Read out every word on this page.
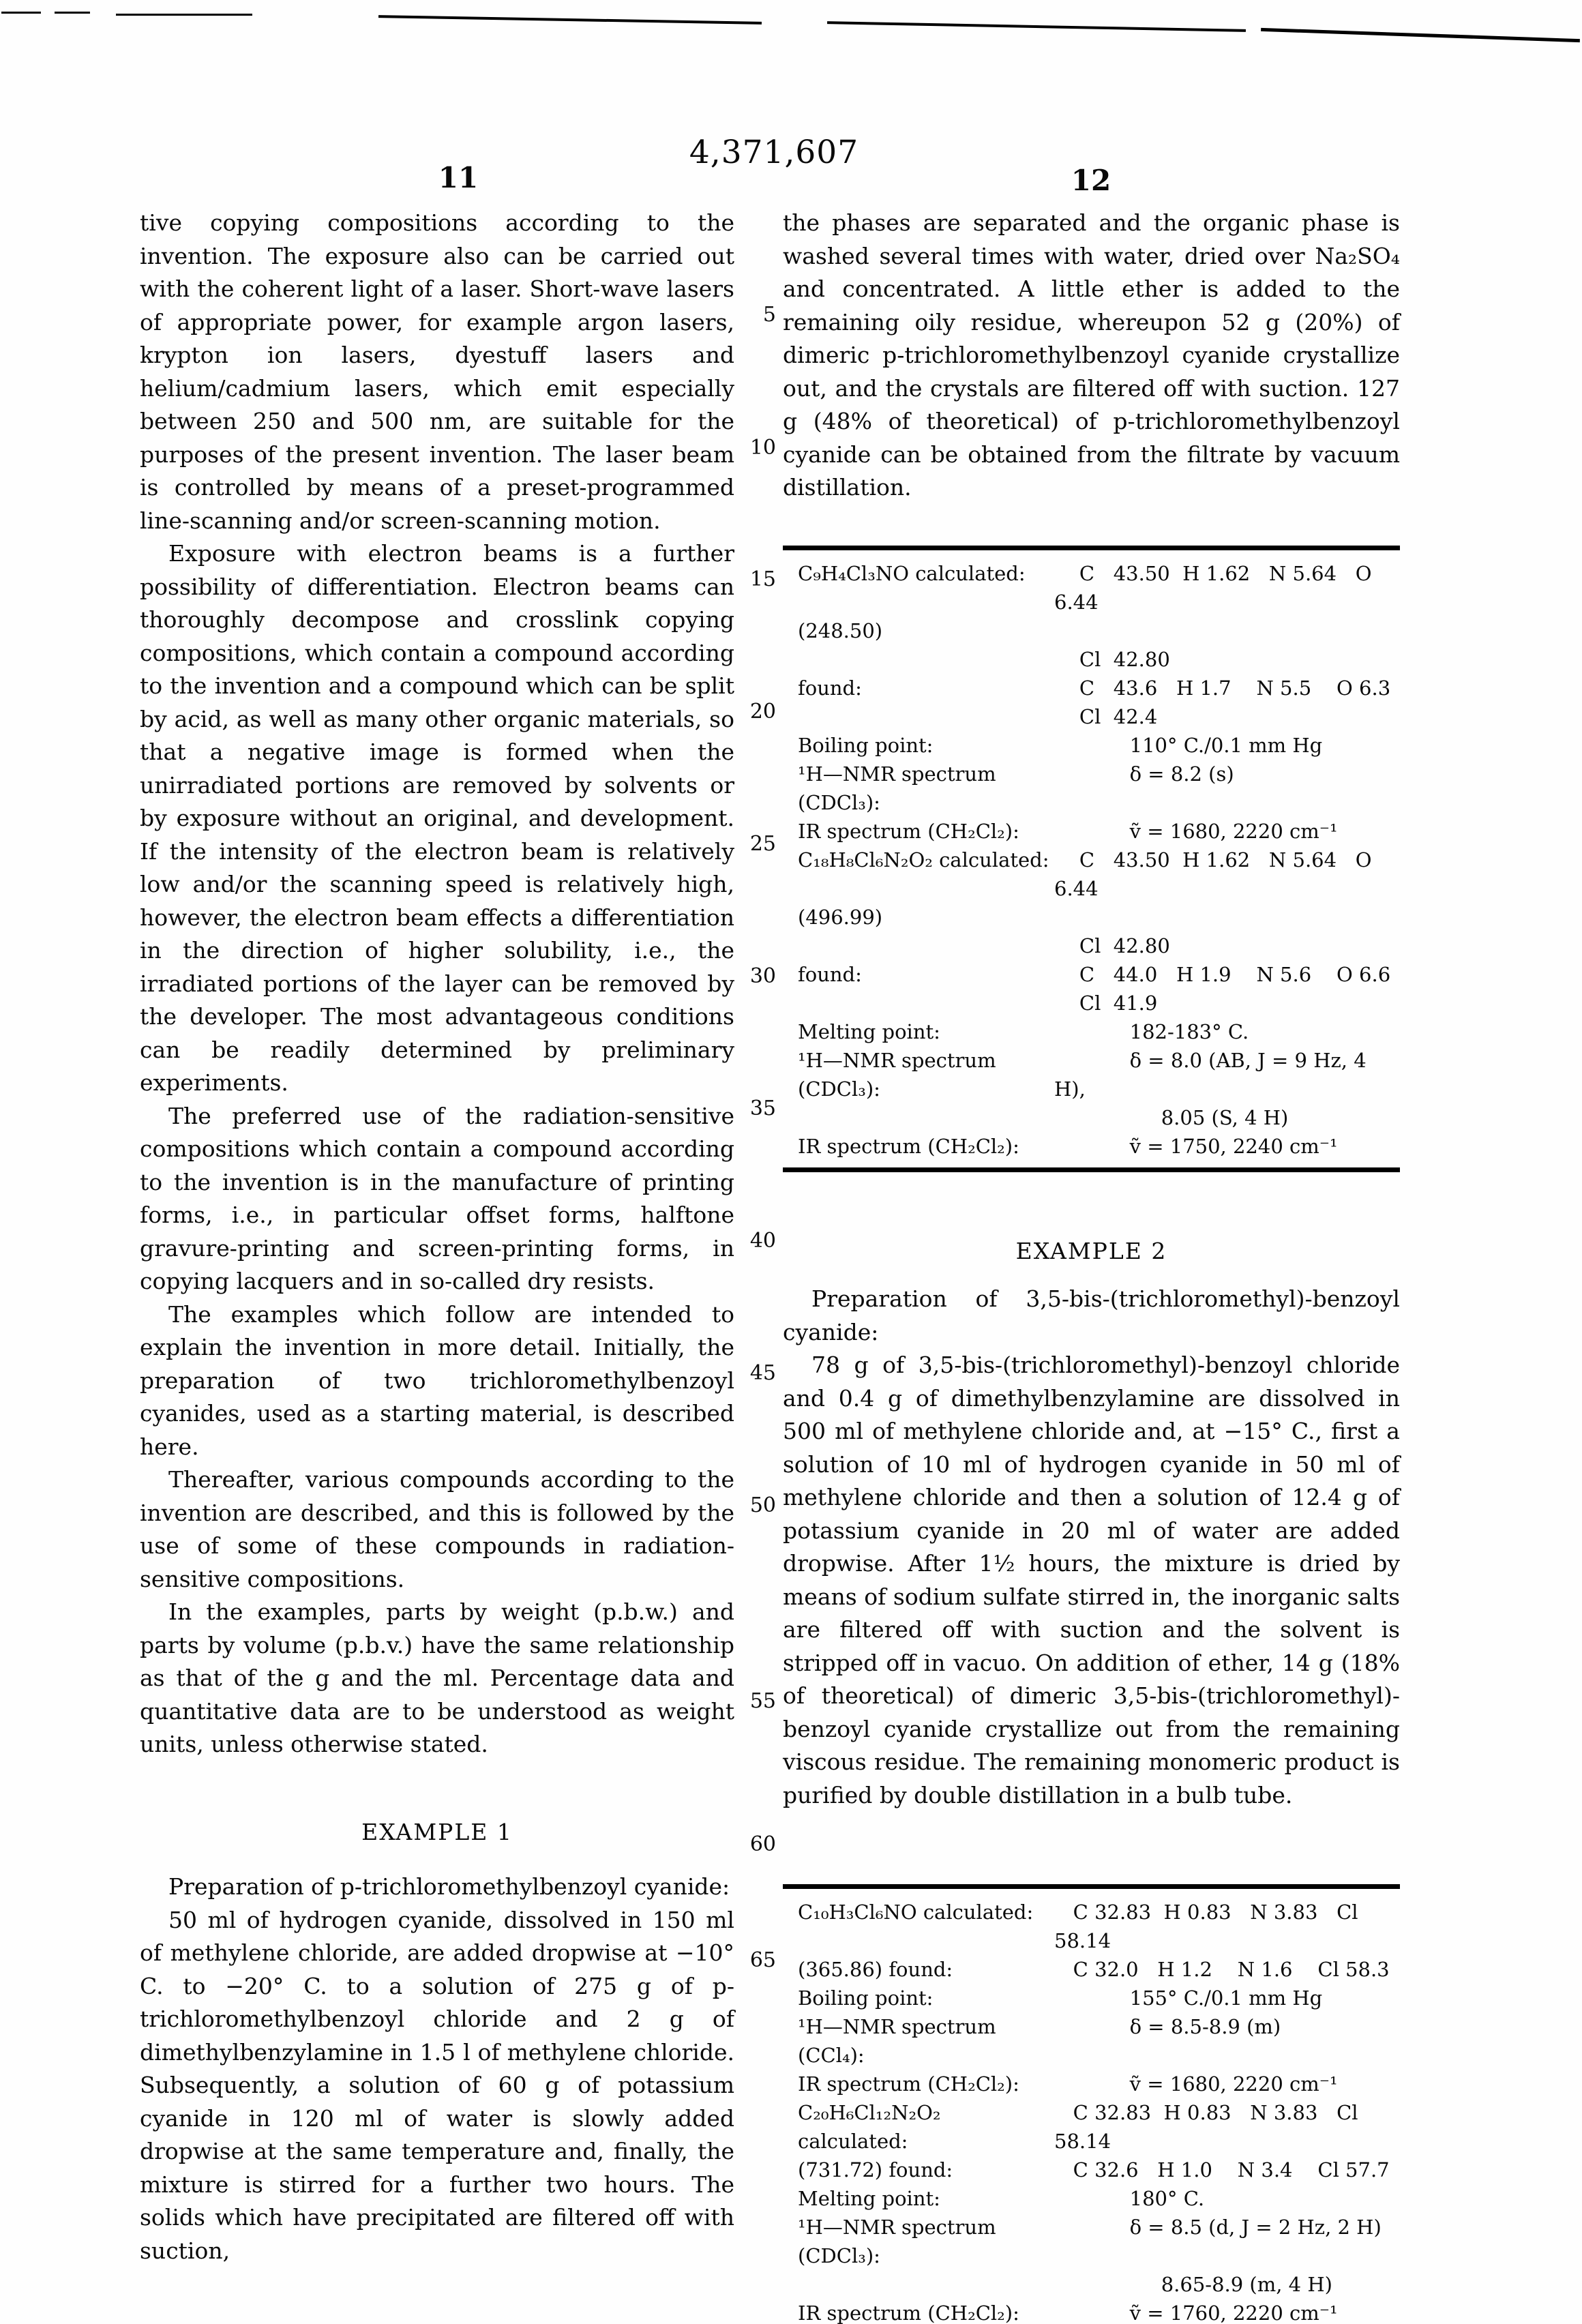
4,371,607
11	12
5
10
15
20
25
30
35
40
45
50
55
60
65

tive copying compositions according to the invention. The exposure also can be carried out with the coherent light of a laser. Short-wave lasers of appropriate power, for example argon lasers, krypton ion lasers, dyestuff lasers and helium/cadmium lasers, which emit especially between 250 and 500 nm, are suitable for the purposes of the present invention. The laser beam is controlled by means of a preset-programmed line-scanning and/or screen-scanning motion.

Exposure with electron beams is a further possibility of differentiation. Electron beams can thoroughly decompose and crosslink copying compositions, which contain a compound according to the invention and a compound which can be split by acid, as well as many other organic materials, so that a negative image is formed when the unirradiated portions are removed by solvents or by exposure without an original, and development. If the intensity of the electron beam is relatively low and/or the scanning speed is relatively high, however, the electron beam effects a differentiation in the direction of higher solubility, i.e., the irradiated portions of the layer can be removed by the developer. The most advantageous conditions can be readily determined by preliminary experiments.

The preferred use of the radiation-sensitive compositions which contain a compound according to the invention is in the manufacture of printing forms, i.e., in particular offset forms, halftone gravure-printing and screen-printing forms, in copying lacquers and in so-called dry resists.

The examples which follow are intended to explain the invention in more detail. Initially, the preparation of two trichloromethylbenzoyl cyanides, used as a starting material, is described here.

Thereafter, various compounds according to the invention are described, and this is followed by the use of some of these compounds in radiation-sensitive compositions.

In the examples, parts by weight (p.b.w.) and parts by volume (p.b.v.) have the same relationship as that of the g and the ml. Percentage data and quantitative data are to be understood as weight units, unless otherwise stated.

EXAMPLE 1

Preparation of p-trichloromethylbenzoyl cyanide:

50 ml of hydrogen cyanide, dissolved in 150 ml of methylene chloride, are added dropwise at −10° C. to −20° C. to a solution of 275 g of p-trichloromethylbenzoyl chloride and 2 g of dimethylbenzylamine in 1.5 l of methylene chloride. Subsequently, a solution of 60 g of potassium cyanide in 120 ml of water is slowly added dropwise at the same temperature and, finally, the mixture is stirred for a further two hours. The solids which have precipitated are filtered off with suction,

the phases are separated and the organic phase is washed several times with water, dried over Na₂SO₄ and concentrated. A little ether is added to the remaining oily residue, whereupon 52 g (20%) of dimeric p-trichloromethylbenzoyl cyanide crystallize out, and the crystals are filtered off with suction. 127 g (48% of theoretical) of p-trichloromethylbenzoyl cyanide can be obtained from the filtrate by vacuum distillation.

C₉H₄Cl₃NO calculated:	C   43.50  H 1.62   N 5.64   O 6.44
(248.50)
Cl  42.80
found:	C   43.6   H 1.7    N 5.5    O 6.3
Cl  42.4
Boiling point:	110° C./0.1 mm Hg
¹H—NMR spectrum (CDCl₃):
δ = 8.2 (s)
IR spectrum (CH₂Cl₂):	ṽ = 1680, 2220 cm⁻¹
C₁₈H₈Cl₆N₂O₂ calculated: C   43.50  H 1.62   N 5.64   O 6.44
(496.99)
Cl  42.80
found:	C   44.0   H 1.9    N 5.6    O 6.6
Cl  41.9
Melting point:	182-183° C.
¹H—NMR spectrum (CDCl₃):
δ = 8.0 (AB, J = 9 Hz, 4 H),
8.05 (S, 4 H)
IR spectrum (CH₂Cl₂):	ṽ = 1750, 2240 cm⁻¹

EXAMPLE 2

Preparation of 3,5-bis-(trichloromethyl)-benzoyl cyanide:

78 g of 3,5-bis-(trichloromethyl)-benzoyl chloride and 0.4 g of dimethylbenzylamine are dissolved in 500 ml of methylene chloride and, at −15° C., first a solution of 10 ml of hydrogen cyanide in 50 ml of methylene chloride and then a solution of 12.4 g of potassium cyanide in 20 ml of water are added dropwise. After 1½ hours, the mixture is dried by means of sodium sulfate stirred in, the inorganic salts are filtered off with suction and the solvent is stripped off in vacuo. On addition of ether, 14 g (18% of theoretical) of dimeric 3,5-bis-(trichloromethyl)-benzoyl cyanide crystallize out from the remaining viscous residue. The remaining monomeric product is purified by double distillation in a bulb tube.

C₁₀H₃Cl₆NO calculated:	C 32.83  H 0.83   N 3.83   Cl 58.14
(365.86) found:	C 32.0   H 1.2    N 1.6    Cl 58.3
Boiling point:	155° C./0.1 mm Hg
¹H—NMR spectrum (CCl₄):
δ = 8.5-8.9 (m)
IR spectrum (CH₂Cl₂):	ṽ = 1680, 2220 cm⁻¹
C₂₀H₆Cl₁₂N₂O₂ calculated:
C 32.83  H 0.83   N 3.83   Cl 58.14
(731.72) found:	C 32.6   H 1.0    N 3.4    Cl 57.7
Melting point:	180° C.
¹H—NMR spectrum (CDCl₃):
δ = 8.5 (d, J = 2 Hz, 2 H)
8.65-8.9 (m, 4 H)
IR spectrum (CH₂Cl₂):	ṽ = 1760, 2220 cm⁻¹
